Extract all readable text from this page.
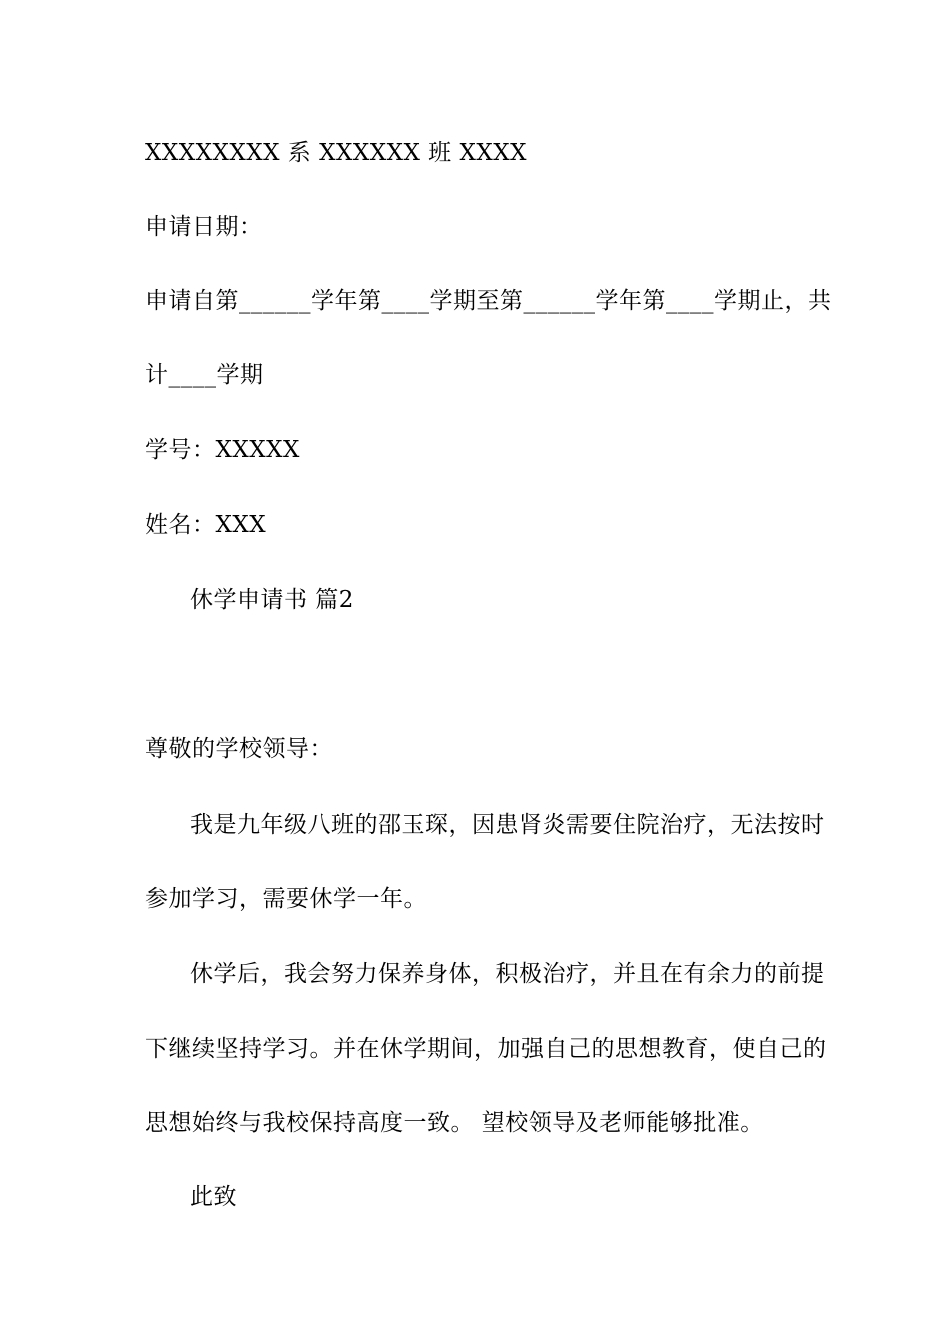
XXXXXXXX 系 XXXXXX 班 XXXX
申请日期：
申请自第______学年第____学期至第______学年第____学期止，共
计____学期
学号：XXXXX
姓名：XXX
休学申请书 篇2
尊敬的学校领导：
我是九年级八班的邵玉琛，因患肾炎需要住院治疗，无法按时
参加学习，需要休学一年。
休学后，我会努力保养身体，积极治疗，并且在有余力的前提
下继续坚持学习。并在休学期间，加强自己的思想教育，使自己的
思想始终与我校保持高度一致。 望校领导及老师能够批准。
此致
